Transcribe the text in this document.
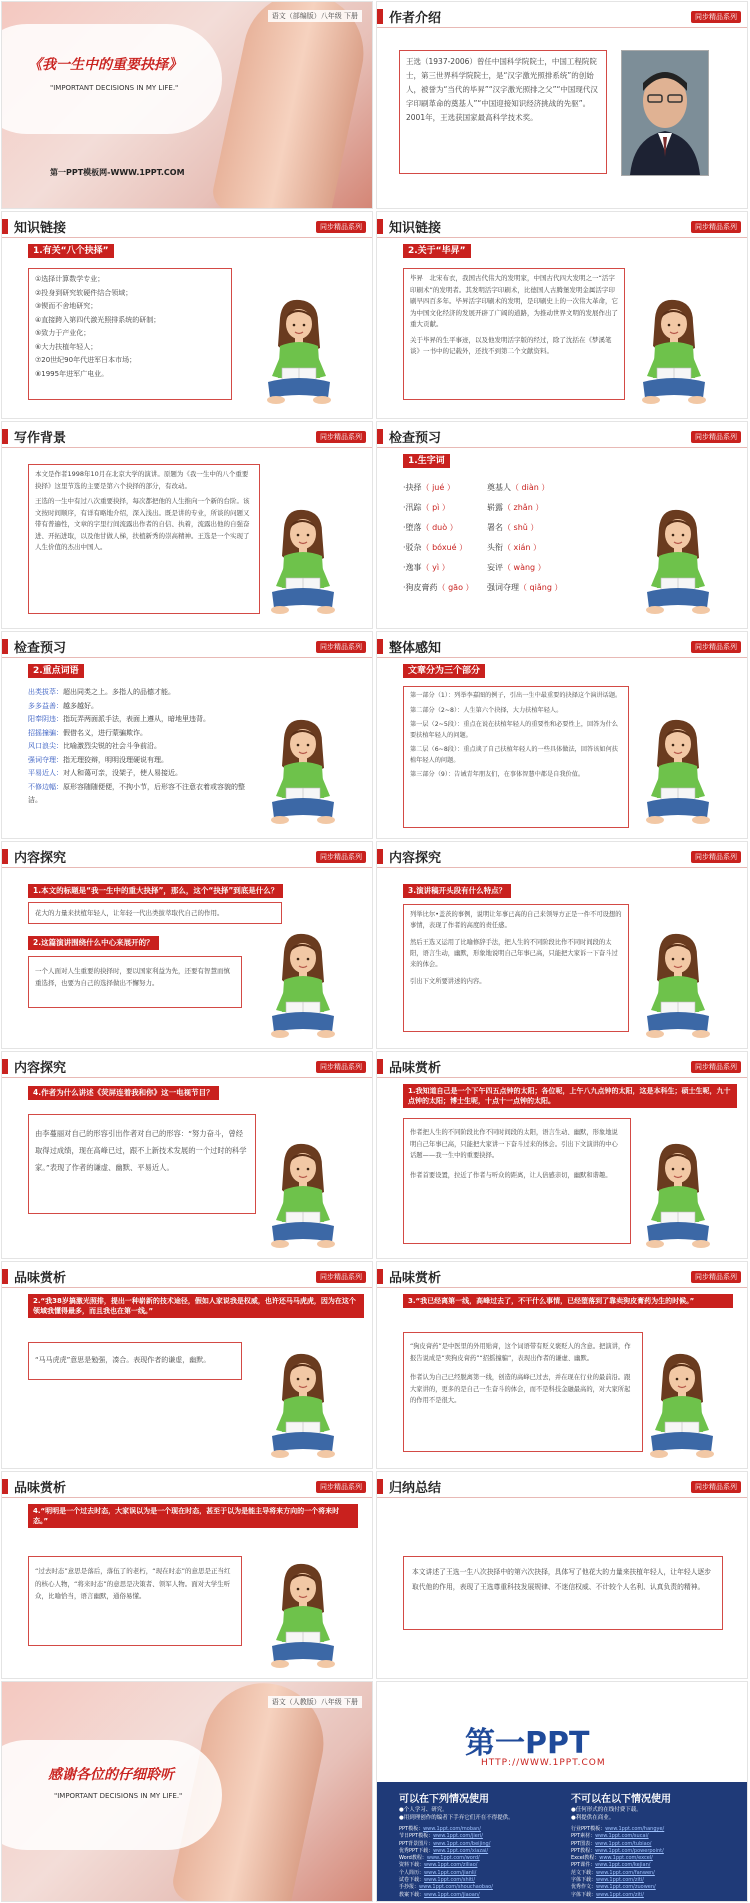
语文（部编版）八年级 下册
《我一生中的重要抉择》
"IMPORTANT DECISIONS IN MY LIFE."
第一PPT模板网-WWW.1PPT.COM
作者介绍	同步精品系列
王选（1937-2006）曾任中国科学院院士，中国工程院院士，第三世界科学院院士，是“汉字激光照排系统”的创始人，被誉为“当代的毕昇”“汉字激光照排之父”“中国现代汉字印刷革命的奠基人”“中国迎接知识经济挑战的先驱”。2001年，王选获国家最高科学技术奖。
知识链接	同步精品系列
1.有关“八个抉择”
①选择计算数学专业；
②投身到研究软硬件结合领域；
③锲而不舍地研究；
④直接跨入第四代激光照排系统的研制；
⑤致力于产业化；
⑥大力扶植年轻人；
⑦20世纪90年代进军日本市场；
⑧1995年进军广电业。
知识链接	同步精品系列
2.关于“毕昇”
毕昇　北宋布衣，我国古代伟大的发明家，中国古代四大发明之一“活字印刷术”的发明者。其发明活字印刷术，比德国人古腾堡发明金属活字印刷早四百多年。毕昇活字印刷术的发明，是印刷史上的一次伟大革命，它为中国文化经济的发展开辟了广阔的道路，为推动世界文明的发展作出了重大贡献。
关于毕昇的生平事迹，以及他发明活字版的经过，除了沈括在《梦溪笔谈》一书中的记载外，还找不到第二个文献资料。
写作背景	同步精品系列
本文是作者1998年10月在北京大学的演讲。原题为《我一生中的八个重要抉择》这里节选的主要是第六个抉择的部分，有改动。
王选的一生中有过八次重要抉择，每次都把他的人生推向一个新的台阶。该文按时间顺序，有详有略地介绍，深入浅出。既是讲的专业，所谈的问题又带有普遍性，文章的字里行间流露出作者的自信、执着，流露出他的自强奋进、开拓进取，以及他甘做人梯，扶植新秀的崇高精神。王选是一个实现了人生价值的杰出中国人。
检查预习	同步精品系列
1.生字词
·抉择（ jué ）	奠基人（ diàn ）
·汛踪（ pì ）	崭露（ zhǎn ）
·堕落（ duò ）	署名（ shǔ ）
·驳杂（ bóxué ） 头衔（ xián ）
·逸事（ yì ）	妄评（ wàng ）
·狗皮膏药（ gāo ） 强词夺理（ qiǎng ）
检查预习	同步精品系列
2.重点词语
出类拔萃：超出同类之上。多指人的品德才能。
多多益善：越多越好。
阳奉阴违：指玩弄两面派手法，表面上遵从，暗地里违背。
招摇撞骗：假借名义，进行蒙骗欺诈。
风口浪尖：比喻激烈尖锐的社会斗争前沿。
强词夺理：指无理狡辩，明明没理硬说有理。
平易近人：对人和蔼可亲，没架子，使人易接近。
不修边幅：原形容随随便便，不拘小节，后形容不注意衣着或容貌的整洁。
整体感知	同步精品系列
文章分为三个部分
第一部分（1）：列举李嘉图的例子，引出一生中最重要的抉择这个演讲话题。
第二部分（2~8）：人生第六个抉择，大力扶植年轻人。
第一层（2~5段）：重点在说在扶植年轻人的重要性和必要性上，回答为什么要扶植年轻人的问题。
第二层（6~8段）：重点谈了自己扶植年轻人的一些具体做法，回答该如何扶植年轻人的问题。
第三部分（9）：告诫青年朋友们，在事体智慧中都是自我价值。
内容探究	同步精品系列
1.本文的标题是“我一生中的重大抉择”，那么，这个“抉择”到底是什么？
花大的力量来扶植年轻人，让年轻一代出类拔萃取代自己的作用。
2.这篇演讲围绕什么中心来展开的？
一个人面对人生重要的抉择时，要以国家利益为先，还要有智慧而慎重选择，也要为自己的选择做出不懈努力。
内容探究	同步精品系列
3.演讲稿开头段有什么特点？
列举比尔•盖茨的事例，说明让年事已高的自己来领导方正是一件不可设想的事情，表现了作者的高度的责任感。
然后王选又运用了比喻修辞手法，把人生的不同阶段比作不同时间段的太阳，语言生动，幽默，形象地说明自己年事已高，只能把大家诉一下奋斗过来的体会。
引出下文所要讲述的内容。
内容探究	同步精品系列
4.作者为什么讲述《荧屏连着我和你》这一电视节目？
由李蔓丽对自己的形容引出作者对自己的形容：“努力奋斗，曾经取得过成绩，现在高峰已过，跟不上新技术发展的一个过时的科学家。”表现了作者的谦虚、幽默、平易近人。
品味赏析	同步精品系列
1.我知道自己是一个下午四五点钟的太阳；各位呢，上午八九点钟的太阳，这是本科生；硕士生呢，九十点钟的太阳；博士生呢，十点十一点钟的太阳。
作者把人生的不同阶段比作不同时间段的太阳，语言生动、幽默，形象地说明自己年事已高，只能把大家讲一下奋斗过来的体会。引出下文演讲的中心话题——我一生中的重要抉择。
作者首要设置，拉近了作者与听众的距离，让人倍感亲切，幽默和谐趣。
品味赏析	同步精品系列
2.“我38岁搞激光照排，提出一种崭新的技术途径，假如人家说我是权威，也许还马马虎虎，因为在这个领域我懂得最多，而且我也在第一线。”
“马马虎虎”意思是勉强，凑合。表现作者的谦虚，幽默。
品味赏析	同步精品系列
3.“我已经离第一线，高峰过去了，不干什么事情，已经堕落到了靠卖狗皮膏药为生的时候。”
“狗皮膏药”是中医里的外用贴膏，这个词语带有贬义褒贬人的含意。把演讲，作报告说成是“卖狗皮膏药”“招摇撞骗”，表现出作者的谦虚、幽默。
作者认为自己已经脱离第一线，创造的高峰已过去，并在现在行业的最前沿。跟大家讲的，更多的是自己一生奋斗的体会，而不是科技金融最高的，对大家所起的作用不是很大。
品味赏析	同步精品系列
4.“明明是一个过去时态，大家误以为是一个现在时态，甚至于以为是能主导将来方向的一个将来时态。”
“过去时态”意思是落后，落伍了的老朽，“现在时态”的意思是正当红的核心人物，“将来时态”的意思是决策者、领军人物。面对大学生听众，比喻恰当，语言幽默，通俗易懂。
归纳总结	同步精品系列
本文讲述了王选一生八次抉择中的第六次抉择，具体写了他花大的力量来扶植年轻人，让年轻人逐步取代他的作用，表现了王选尊重科技发展规律、不迷信权威、不计较个人名利、认真负责的精神。
语文（人教版）八年级 下册
感谢各位的仔细聆听
"IMPORTANT DECISIONS IN MY LIFE."
第一PPT
HTTP://WWW.1PPT.COM
可以在下列情况使用
●个人学习、研究。
●用到理创作的编者下手弃它们开在不得提供。
不可以在以下情况使用
●任何形式的在线付费下载。
●利提供在商业。
PPT模板：www.1ppt.com/moban/
节日PPT模板：www.1ppt.com/jieri/
PPT背景图片：www.1ppt.com/beijing/
优秀PPT下载：www.1ppt.com/xiazai/
Word教程：www.1ppt.com/word/
资料下载：www.1ppt.com/ziliao/
个人简历：www.1ppt.com/jianli/
试卷下载：www.1ppt.com/shiti/
手抄报：www.1ppt.com/shouchaobao/
教案下载：www.1ppt.com/jiaoan/
行业PPT模板：www.1ppt.com/hangye/
PPT素材：www.1ppt.com/sucai/
PPT图表：www.1ppt.com/tubiao/
PPT教程：www.1ppt.com/powerpoint/
Excel教程：www.1ppt.com/excel/
PPT课件：www.1ppt.com/kejian/
范文下载：www.1ppt.com/fanwen/
字体下载：www.1ppt.com/ziti/
优秀作文：www.1ppt.com/zuowen/
字体下载：www.1ppt.com/ziti/
